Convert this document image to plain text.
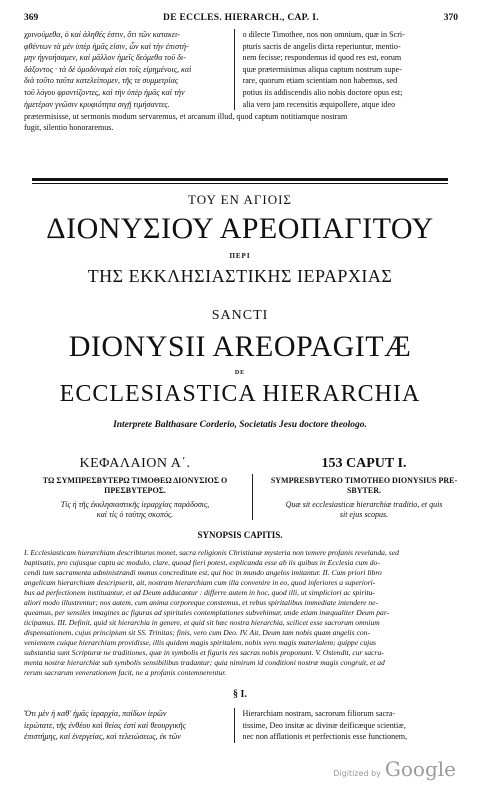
369	DE ECCLES. HIERARCH., CAP. I.	370
χρινούμεθα, ὁ καὶ ἀληθές ἐστιν, ὅτι τῶν κατακει-
φθέντων τὰ μὲν ὑπὲρ ἡμᾶς εἰσιν, ὧν καὶ τὴν ἐπιστή-
μην ἠγνοήσαμεν, καὶ μᾶλλον ἡμεῖς δεόμεθα τοῦ δι-
δάξοντος · τὰ δὲ ὁμοδύναμά εἰσι τοῖς εἰρημένοις, καὶ
διὰ τοῦτο ταῦτα κατελείπομεν, τῆς τε συμμετρίας
τοῦ λόγου φροντίζοντες, καὶ τὴν ὑπὲρ ἡμᾶς καὶ τὴν
ἡμετέραν γνῶσιν κρυφιότητα σιγῇ τιμήσαντες.
o dilecte Timothee, nos non omnium, quæ in Scri-
pturis sacris de angelis dicta reperiuntur, mentio-
nem fecisse; respondemus id quod res est, eorum
quæ prætermisimus aliqua captum nostrum supe-
rare, quorum etiam scientiam non habemus, sed
potius iis addiscendis alio nobis doctore opus est;
alia vero jam recensitis æquipollere, atque ideo
prætermisisse, ut sermonis modum servaremus, et arcanum illud, quod captum notitiamque nostram
fugit, silentio honoraremus.
ΤΟΥ ΕΝ ΑΓΙΟΙΣ
ΔΙΟΝΥΣΙΟΥ ΑΡΕΟΠΑΓΙΤΟΥ
ΠΕΡΙ
ΤΗΣ ΕΚΚΛΗΣΙΑΣΤΙΚΗΣ ΙΕΡΑΡΧΙΑΣ
SANCTI
DIONYSII AREOPAGITÆ
DE
ECCLESIASTICA HIERARCHIA
Interprete Balthasare Corderio, Societatis Jesu doctore theologo.
ΚΕΦΑΛΑΙΟΝ Α΄.	153 CAPUT I.
ΤΩ ΣΥΜΠΡΕΣΒΥΤΕΡΩ ΤΙΜΟΘΕΩ ΔΙΟΝΥΣΙΟΣ Ο
ΠΡΕΣΒΥΤΕΡΟΣ.
SYMPRESBYTERO TIMOTHEO DIONYSIUS PRE-
SBYTER.
Τίς ἡ τῆς ἐκκλησιαστικῆς ἱεραρχίας παράδοσις,
καὶ τίς ὁ ταύτης σκοπός.
Quæ sit ecclesiasticæ hierarchiæ traditio, et quis
sit ejus scopus.
SYNOPSIS CAPITIS.
I. Ecclesiasticam hierarchiam describturus monet, sacra religionis Christianæ mysteria non temere profanis revelanda, sed
baptisatis, pro cujusque captu ac modulo, clare, quoad fieri potest, explicanda esse ab iis quibus in Ecclesia cum do-
cendi tum sacramenta administrandi munus concreditum est, qui hoc in mundo angelos imitantur. II. Cum priori libro
angelicam hierarchiam descripserit, ait, nostram hierarchiam cum illa convenire in eo, quod inferiores a superiori-
bus ad perfectionem instituantur, et ad Deum adducantur : differre autem in hoc, quod illi, ut simpliciori ac spiritu-
aliori modo illustrentur; nos autem, cum anima corporeque constemus, et rebus spiritalibus immediate intendere ne-
queamus, per sensiles imagines ac figuras ad spiritales contemplationes subvehimur, unde etiam inæqualiter Deum par-
ticipamus. III. Definit, quid sit hierarchia in genere, et quid sit hæc nostra hierarchia, scilicet esse sacrorum omnium
dispensationem, cujus principium sit SS. Trinitas; finis, vero cum Deo. IV. Ait, Deum tam nobis quam angelis con-
venientem cuique hierarchiam providisse, illis quidem magis spiritalem, nobis vero magis materialem; quippe cujus
substantia sunt Scripturæ ne traditiones, quæ in symbolis et figuris res sacras nobis proponunt. V. Ostendit, cur sacra-
menta nostræ hierarchiæ sub symbolis sensibilibus tradantur; quia nimirum id conditioni nostræ magis congruit, et ad
rerum sacrarum venerationem facit, ne a profanis contemnerentur.
§ I.
Ὅτι μὲν ἡ καθ' ἡμᾶς ἱεραρχία, παίδων ἱερῶν
ἱερώτατε, τῆς ἐνθέου καὶ θείας ἐστὶ καὶ θεουργικῆς
ἐπιστήμης, καὶ ἐνεργείας, καὶ τελειώσεως, ἐκ τῶν
Hierarchiam nostram, sacrorum filiorum sacra-
tissime, Deo insitæ ac divinæ deificæque scientiæ,
nec non afflationis et perfectionis esse functionem,
Digitized by Google
